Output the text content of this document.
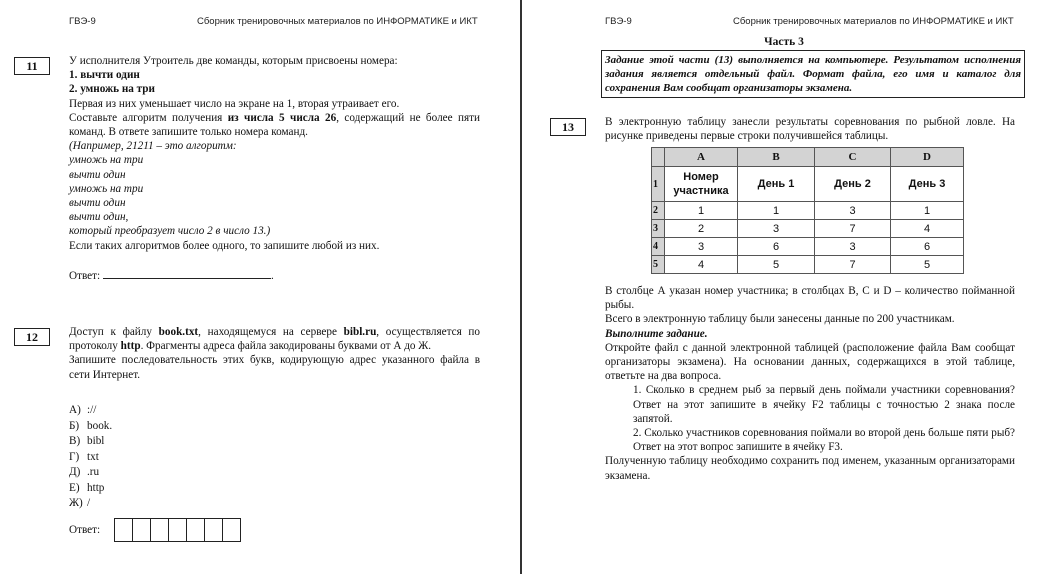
ГВЭ-9	Сборник тренировочных материалов по ИНФОРМАТИКЕ и ИКТ
11	У исполнителя Утроитель две команды, которым присвоены номера:

1. вычти один

2. умножь на три

Первая из них уменьшает число на экране на 1, вторая утраивает его.

Составьте алгоритм получения из числа 5 числа 26, содержащий не более пяти команд. В ответе запишите только номера команд.

(Например, 21211 – это алгоритм:

умножь на три

вычти один

умножь на три

вычти один

вычти один,

который преобразует число 2 в число 13.)

Если таких алгоритмов более одного, то запишите любой из них.

Ответ:	.

12	Доступ к файлу book.txt, находящемуся на сервере bibl.ru, осуществляется по протоколу http. Фрагменты адреса файла закодированы буквами от А до Ж.

Запишите последовательность этих букв, кодирующую адрес указанного файла в сети Интернет.

А) ://
Б) book.
В) bibl
Г) txt
Д) .ru
Е) http
Ж) /
Ответ:
ГВЭ-9	Сборник тренировочных материалов по ИНФОРМАТИКЕ и ИКТ
Часть 3
Задание этой части (13) выполняется на компьютере. Результатом исполнения задания является отдельный файл. Формат файла, его имя и каталог для сохранения Вам сообщат организаторы экзамена.
13	В электронную таблицу занесли результаты соревнования по рыбной ловле. На рисунке приведены первые строки получившейся таблицы.
	A	B	C	D
1	Номер участника	День 1	День 2	День 3
2	1	1	3	1
3	2	3	7	4
4	3	6	3	6
5	4	5	7	5

В столбце А указан номер участника; в столбцах B, C и D – количество пойманной рыбы.

Всего в электронную таблицу были занесены данные по 200 участникам.

Выполните задание.

Откройте файл с данной электронной таблицей (расположение файла Вам сообщат организаторы экзамена). На основании данных, содержащихся в этой таблице, ответьте на два вопроса.

1. Сколько в среднем рыб за первый день поймали участники соревнования? Ответ на этот запишите в ячейку F2 таблицы с точностью 2 знака после запятой.

2. Сколько участников соревнования поймали во второй день больше пяти рыб? Ответ на этот вопрос запишите в ячейку F3.

Полученную таблицу необходимо сохранить под именем, указанным организаторами экзамена.
